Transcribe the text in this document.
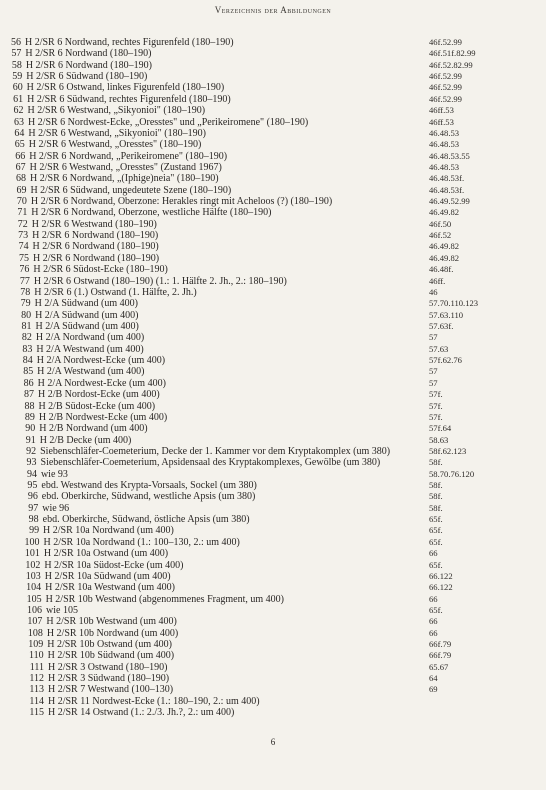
Verzeichnis der Abbildungen
56 H 2/SR 6 Nordwand, rechtes Figurenfeld (180–190)	46f.52.99
57 H 2/SR 6 Nordwand (180–190)	46f.51f.82.99
58 H 2/SR 6 Nordwand (180–190)	46f.52.82.99
59 H 2/SR 6 Südwand (180–190)	46f.52.99
60 H 2/SR 6 Ostwand, linkes Figurenfeld (180–190)	46f.52.99
61 H 2/SR 6 Südwand, rechtes Figurenfeld (180–190)	46f.52.99
62 H 2/SR 6 Westwand, „Sikyonioi" (180–190)	46ff.53
63 H 2/SR 6 Nordwest-Ecke, „Oresstes" und „Perikeiromene" (180–190)	46ff.53
64 H 2/SR 6 Westwand, „Sikyonioi" (180–190)	46.48.53
65 H 2/SR 6 Westwand, „Oresstes" (180–190)	46.48.53
66 H 2/SR 6 Nordwand, „Perikeiromene" (180–190)	46.48.53.55
67 H 2/SR 6 Westwand, „Oresstes" (Zustand 1967)	46.48.53
68 H 2/SR 6 Nordwand, „(Iphige)neia" (180–190)	46.48.53f.
69 H 2/SR 6 Südwand, ungedeutete Szene (180–190)	46.48.53f.
70 H 2/SR 6 Nordwand, Oberzone: Herakles ringt mit Acheloos (?) (180–190)	46.49.52.99
71 H 2/SR 6 Nordwand, Oberzone, westliche Hälfte (180–190)	46.49.82
72 H 2/SR 6 Westwand (180–190)	46f.50
73 H 2/SR 6 Nordwand (180–190)	46f.52
74 H 2/SR 6 Nordwand (180–190)	46.49.82
75 H 2/SR 6 Nordwand (180–190)	46.49.82
76 H 2/SR 6 Südost-Ecke (180–190)	46.48f.
77 H 2/SR 6 Ostwand (180–190) (1.: 1. Hälfte 2. Jh., 2.: 180–190)	46ff.
78 H 2/SR 6 (1.) Ostwand (1. Hälfte, 2. Jh.)	46
79 H 2/A Südwand (um 400)	57.70.110.123
80 H 2/A Südwand (um 400)	57.63.110
81 H 2/A Südwand (um 400)	57.63f.
82 H 2/A Nordwand (um 400)	57
83 H 2/A Westwand (um 400)	57.63
84 H 2/A Nordwest-Ecke (um 400)	57f.62.76
85 H 2/A Westwand (um 400)	57
86 H 2/A Nordwest-Ecke (um 400)	57
87 H 2/B Nordost-Ecke (um 400)	57f.
88 H 2/B Südost-Ecke (um 400)	57f.
89 H 2/B Nordwest-Ecke (um 400)	57f.
90 H 2/B Nordwand (um 400)	57f.64
91 H 2/B Decke (um 400)	58.63
92 Siebenschläfer-Coemeterium, Decke der 1. Kammer vor dem Kryptakomplex (um 380)	58f.62.123
93 Siebenschläfer-Coemeterium, Apsidensaal des Kryptakomplexes, Gewölbe (um 380)	58f.
94 wie 93	58.70.76.120
95 ebd. Westwand des Krypta-Vorsaals, Sockel (um 380)	58f.
96 ebd. Oberkirche, Südwand, westliche Apsis (um 380)	58f.
97 wie 96	58f.
98 ebd. Oberkirche, Südwand, östliche Apsis (um 380)	65f.
99 H 2/SR 10a Nordwand (um 400)	65f.
100 H 2/SR 10a Nordwand (1.: 100–130, 2.: um 400)	65f.
101 H 2/SR 10a Ostwand (um 400)	66
102 H 2/SR 10a Südost-Ecke (um 400)	65f.
103 H 2/SR 10a Südwand (um 400)	66.122
104 H 2/SR 10a Westwand (um 400)	66.122
105 H 2/SR 10b Westwand (abgenommenes Fragment, um 400)	66
106 wie 105	65f.
107 H 2/SR 10b Westwand (um 400)	66
108 H 2/SR 10b Nordwand (um 400)	66
109 H 2/SR 10b Ostwand (um 400)	66f.79
110 H 2/SR 10b Südwand (um 400)	66f.79
111 H 2/SR 3 Ostwand (180–190)	65.67
112 H 2/SR 3 Südwand (180–190)	64
113 H 2/SR 7 Westwand (100–130)	69
114 H 2/SR 11 Nordwest-Ecke (1.: 180–190, 2.: um 400)
115 H 2/SR 14 Ostwand (1.: 2./3. Jh.?, 2.: um 400)
6
